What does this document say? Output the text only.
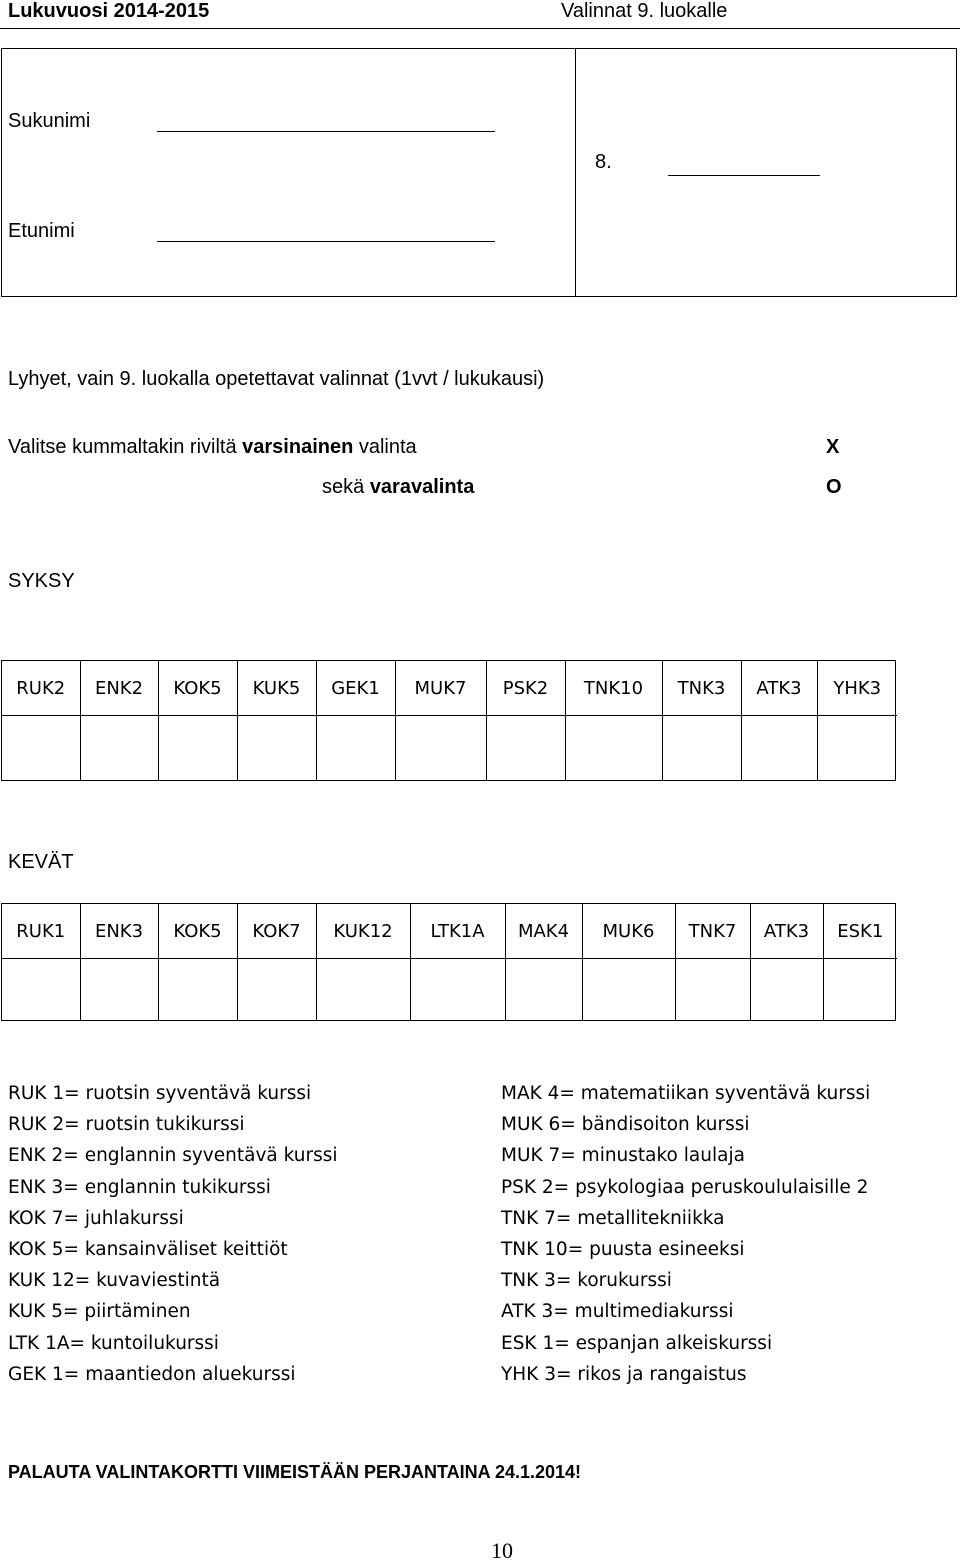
Lukuvuosi 2014-2015	Valinnat 9. luokalle
Sukunimi
Etunimi
8.
Lyhyet, vain 9. luokalla opetettavat valinnat (1vvt / lukukausi)
Valitse kummaltakin riviltä varsinainen valinta	X
sekä varavalinta	O
SYKSY
RUK2	ENK2	KOK5	KUK5	GEK1	MUK7	PSK2	TNK10	TNK3	ATK3	YHK3

KEVÄT
RUK1	ENK3	KOK5	KOK7	KUK12	LTK1A	MAK4	MUK6	TNK7	ATK3	ESK1

RUK 1= ruotsin syventävä kurssi
RUK 2= ruotsin tukikurssi
ENK 2= englannin syventävä kurssi
ENK 3= englannin tukikurssi
KOK 7= juhlakurssi
KOK 5= kansainväliset keittiöt
KUK 12= kuvaviestintä
KUK 5= piirtäminen
LTK 1A= kuntoilukurssi
GEK 1= maantiedon aluekurssi
MAK 4= matematiikan syventävä kurssi
MUK 6= bändisoiton kurssi
MUK 7= minustako laulaja
PSK 2= psykologiaa peruskoululaisille 2
TNK 7= metallitekniikka
TNK 10= puusta esineeksi
TNK 3= korukurssi
ATK 3= multimediakurssi
ESK 1= espanjan alkeiskurssi
YHK 3= rikos ja rangaistus
PALAUTA VALINTAKORTTI VIIMEISTÄÄN PERJANTAINA 24.1.2014!
10
